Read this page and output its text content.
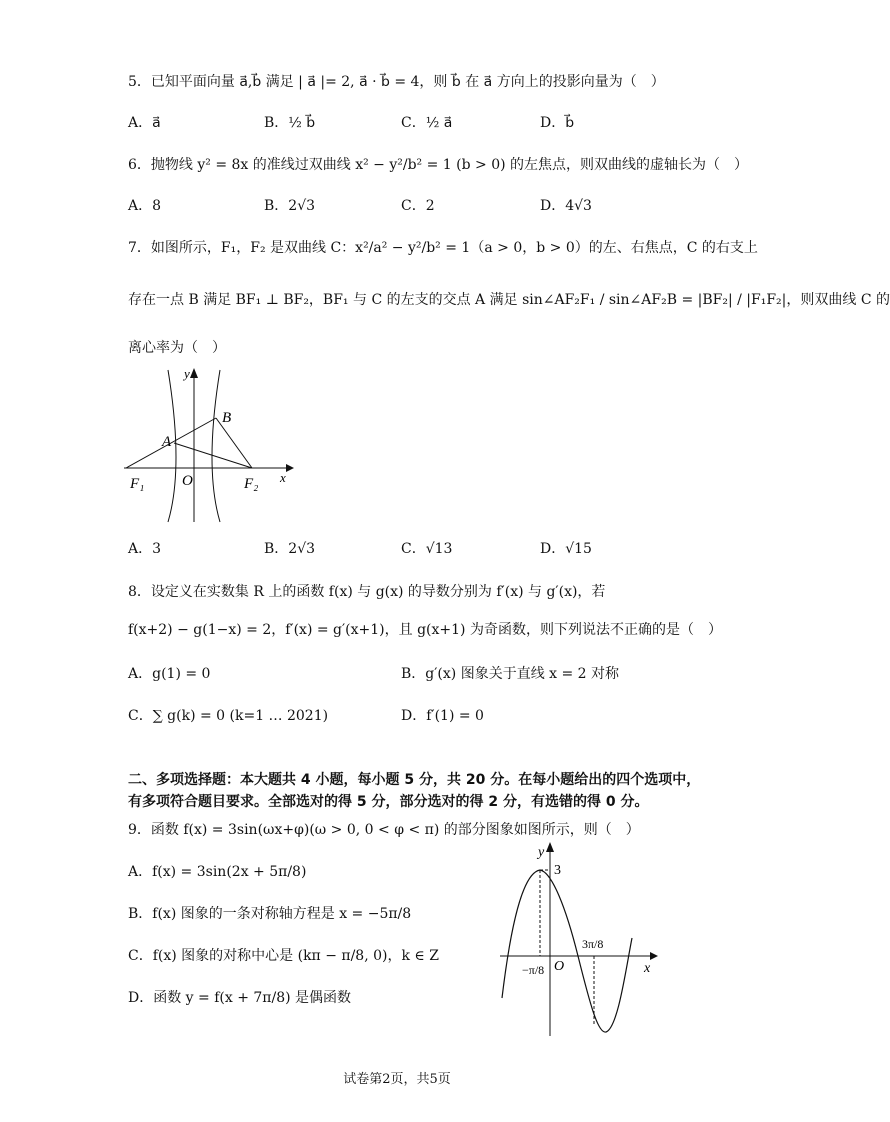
5．已知平面向量 a⃗,b⃗ 满足 | a⃗ |= 2, a⃗ · b⃗ = 4，则 b⃗ 在 a⃗ 方向上的投影向量为（　）
A．a⃗	B．½ b⃗	C．½ a⃗	D．b⃗
6．抛物线 y² = 8x 的准线过双曲线 x² − y²/b² = 1 (b > 0) 的左焦点，则双曲线的虚轴长为（　）
A．8	B．2√3	C．2	D．4√3
7．如图所示，F₁，F₂ 是双曲线 C：x²/a² − y²/b² = 1（a > 0，b > 0）的左、右焦点，C 的右支上
存在一点 B 满足 BF₁ ⊥ BF₂，BF₁ 与 C 的左支的交点 A 满足 sin∠AF₂F₁ / sin∠AF₂B = |BF₂| / |F₁F₂|，则双曲线 C 的
离心率为（　）
y
A
B
O
F₁	F₂ x
A．3	B．2√3	C．√13	D．√15
8．设定义在实数集 R 上的函数 f(x) 与 g(x) 的导数分别为 f′(x) 与 g′(x)，若
f(x+2) − g(1−x) = 2，f′(x) = g′(x+1)，且 g(x+1) 为奇函数，则下列说法不正确的是（　）
A．g(1) = 0	B．g′(x) 图象关于直线 x = 2 对称
C．∑ g(k) = 0 (k=1 … 2021)	D．f′(1) = 0
二、多项选择题：本大题共 4 小题，每小题 5 分，共 20 分。在每小题给出的四个选项中，
有多项符合题目要求。全部选对的得 5 分，部分选对的得 2 分，有选错的得 0 分。
9．函数 f(x) = 3sin(ωx+φ)(ω > 0, 0 < φ < π) 的部分图象如图所示，则（　）
A．f(x) = 3sin(2x + 5π/8)
B．f(x) 图象的一条对称轴方程是 x = −5π/8
C．f(x) 图象的对称中心是 (kπ − π/8, 0)，k ∈ Z
D．函数 y = f(x + 7π/8) 是偶函数
y
3
O	x
−π/8
3π/8
试卷第2页，共5页
